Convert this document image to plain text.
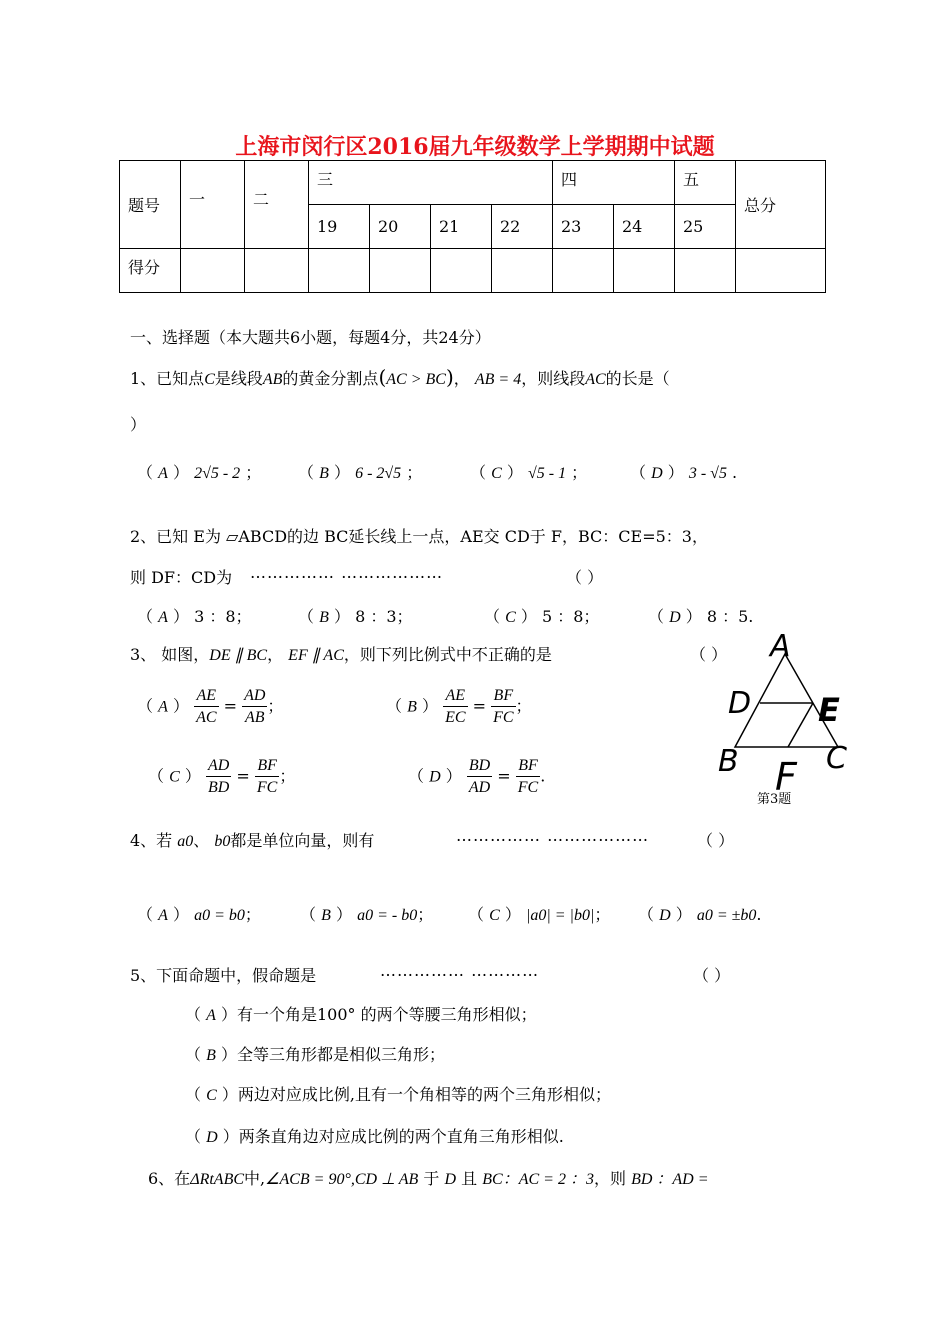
上海市闵行区2016届九年级数学上学期期中试题
题号	一	二	三				四		五	总分
			19	20	21	22	23	24	25	
得分										
一、选择题（本大题共6小题，每题4分，共24分）
1、已知点C是线段AB的黄金分割点(AC > BC)， AB = 4，则线段AC的长是（
）
（ A ） 2√5 - 2 ； （ B ） 6 - 2√5 ；	（ C ） √5 - 1 ；	（ D ） 3 - √5 .
2、已知 E为 ▱ABCD的边 BC延长线上一点，AE交 CD于 F，BC：CE=5：3，
则 DF：CD为 …………… ………………	（ ）
（ A ） 3 ：8；	（ B ） 8 ：3；	（ C ） 5 ：8；	（ D ） 8 ：5.
3、 如图，DE ∥ BC， EF ∥ AC，则下列比例式中不正确的是	（ ）
（ A ） $\frac{AE}{AC} = \frac{AD}{AB}$ ；	（ B ） $\frac{AE}{EC} = \frac{BF}{FC}$ ；
（ C ） $\frac{AD}{BD} = \frac{BF}{FC}$ ；	（ D ） $\frac{BD}{AD} = \frac{BF}{FC}$ .
A
D E
B	C
F
第3题
4、若 a0、 b0都是单位向量，则有	…………… ………………	（ ）
（ A ） a0 = b0； （ B ） a0 = - b0； （ C ） |a0| = |b0|； （ D ） a0 = ±b0.
5、下面命题中，假命题是	…………… …………	（ ）
（ A ）有一个角是100° 的两个等腰三角形相似；
（ B ）全等三角形都是相似三角形；
（ C ）两边对应成比例,且有一个角相等的两个三角形相似；
（ D ）两条直角边对应成比例的两个直角三角形相似.
6、在ΔRtABC中,∠ACB = 90°,CD ⊥ AB 于 D 且 BC：AC = 2 ：3，则 BD ：AD =
